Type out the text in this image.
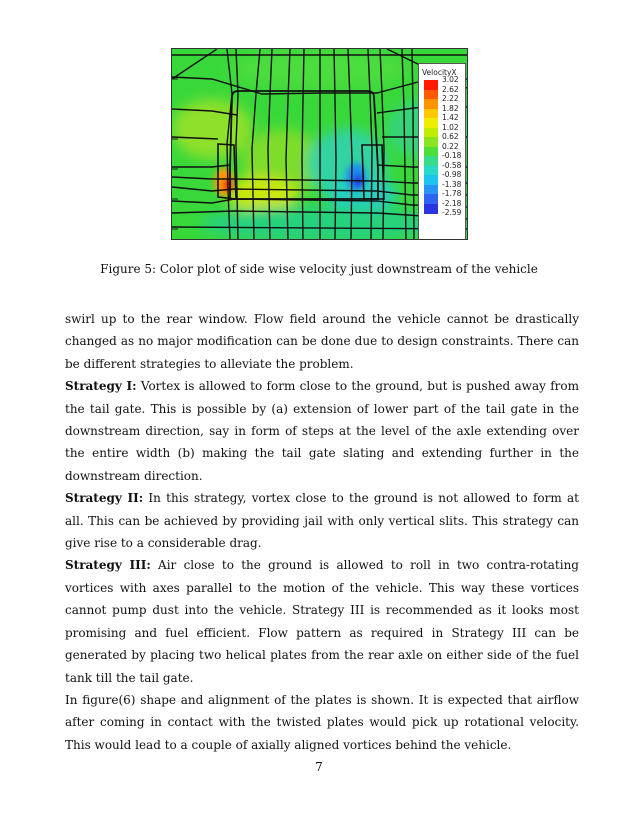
VelocityX
3.02
2.62
2.22
1.82
1.42
1.02
0.62
0.22
-0.18
-0.58
-0.98
-1.38
-1.78
-2.18
-2.59
Figure 5: Color plot of side wise velocity just downstream of the vehicle

swirl up to the rear window. Flow field around the vehicle cannot be drastically changed as no major modification can be done due to design constraints. There can be different strategies to alleviate the problem.

Strategy I: Vortex is allowed to form close to the ground, but is pushed away from the tail gate. This is possible by (a) extension of lower part of the tail gate in the downstream direction, say in form of steps at the level of the axle extending over the entire width (b) making the tail gate slating and extending further in the downstream direction.

Strategy II: In this strategy, vortex close to the ground is not allowed to form at all. This can be achieved by providing jail with only vertical slits. This strategy can give rise to a considerable drag.

Strategy III: Air close to the ground is allowed to roll in two contra-rotating vortices with axes parallel to the motion of the vehicle. This way these vortices cannot pump dust into the vehicle. Strategy III is recommended as it looks most promising and fuel efficient. Flow pattern as required in Strategy III can be generated by placing two helical plates from the rear axle on either side of the fuel tank till the tail gate.

In figure(6) shape and alignment of the plates is shown. It is expected that airflow after coming in contact with the twisted plates would pick up rotational velocity. This would lead to a couple of axially aligned vortices behind the vehicle.

7
